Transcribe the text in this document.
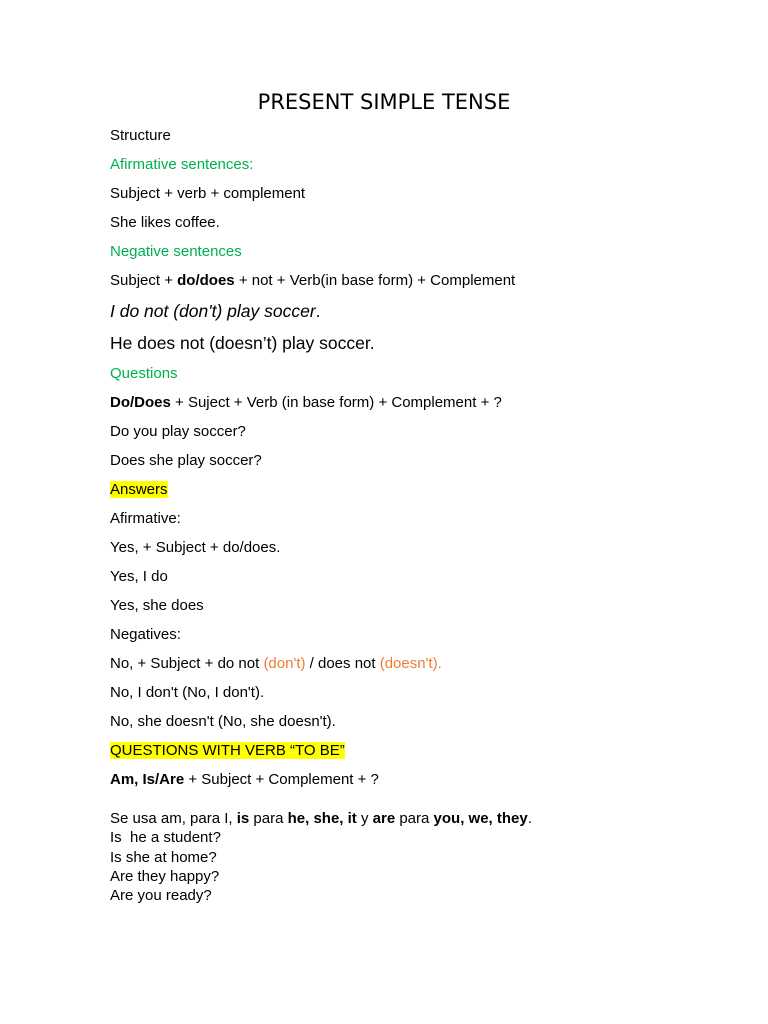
PRESENT SIMPLE TENSE
Structure
Afirmative sentences:
Subject + verb + complement
She likes coffee.
Negative sentences
Subject + do/does + not + Verb(in base form) + Complement
I do not (don't) play soccer.
He does not (doesn’t) play soccer.
Questions
Do/Does + Suject + Verb (in base form) + Complement + ?
Do you play soccer?
Does she play soccer?
Answers
Afirmative:
Yes, + Subject + do/does.
Yes, I do
Yes, she does
Negatives:
No, + Subject + do not (don't) / does not (doesn't).
No, I don't (No, I don't).
No, she doesn't (No, she doesn't).
QUESTIONS WITH VERB “TO BE”
Am, Is/Are + Subject + Complement + ?
Se usa am, para I, is para he, she, it y are para you, we, they.
Is  he a student?
Is she at home?
Are they happy?
Are you ready?
